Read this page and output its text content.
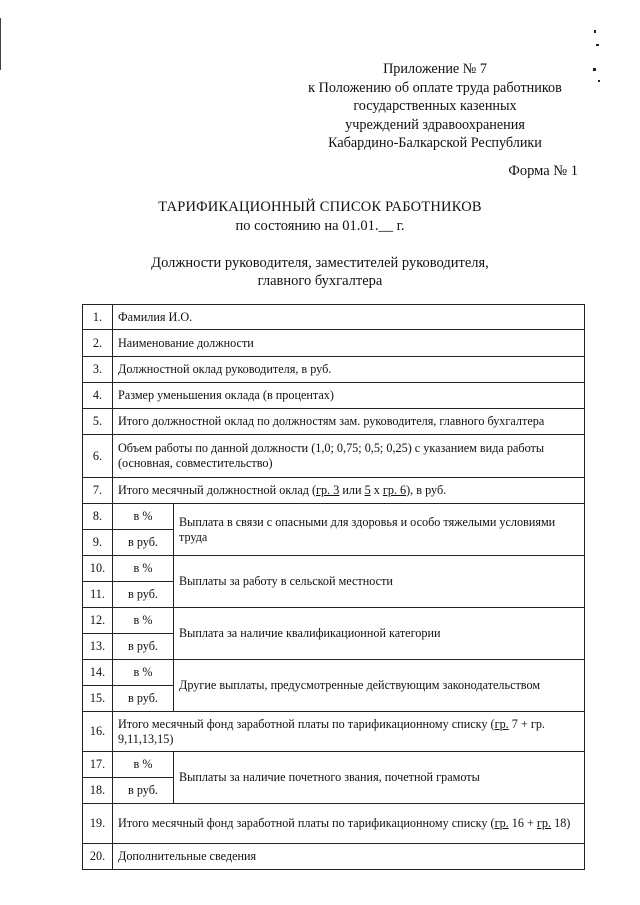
Приложение № 7
к Положению об оплате труда работников
государственных казенных
учреждений здравоохранения
Кабардино-Балкарской Республики
Форма № 1
ТАРИФИКАЦИОННЫЙ СПИСОК РАБОТНИКОВ
по состоянию на 01.01.__ г.
Должности руководителя, заместителей руководителя,
главного бухгалтера
1.	Фамилия И.О.	
2.	Наименование должности	
3.	Должностной оклад руководителя, в руб.	
4.	Размер уменьшения оклада (в процентах)	
5.	Итого должностной оклад по должностям зам. руководителя, главного бухгалтера	
6.	Объем работы по данной должности (1,0; 0,75; 0,5; 0,25) с указанием вида работы (основная, совместительство)	
7.	Итого месячный должностной оклад (гр. 3 или 5 x гр. 6), в руб.	
8.	в %	Выплата в связи с опасными для здоровья и особо тяжелыми условиями труда
9.	в руб.	
10.	в %	Выплаты за работу в сельской местности
11.	в руб.	
12.	в %	Выплата за наличие квалификационной категории
13.	в руб.	
14.	в %	Другие выплаты, предусмотренные действующим законодательством
15.	в руб.	
16.	Итого месячный фонд заработной платы по тарификационному списку (гр. 7 + гр. 9,11,13,15)	
17.	в %	Выплаты за наличие почетного звания, почетной грамоты
18.	в руб.	
19.	Итого месячный фонд заработной платы по тарификационному списку (гр. 16 + гр. 18)	
20.	Дополнительные сведения	
